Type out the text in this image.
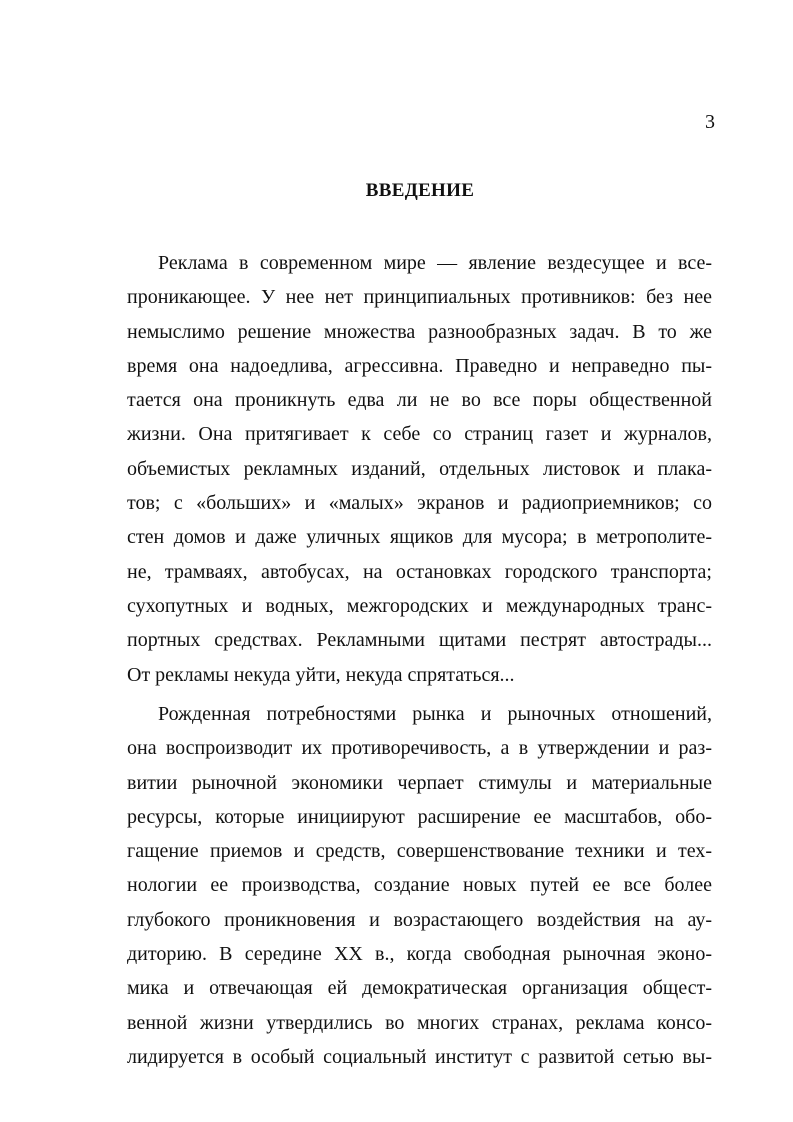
3
ВВЕДЕНИЕ
Реклама в современном мире — явление вездесущее и все-
проникающее. У нее нет принципиальных противников: без нее
немыслимо решение множества разнообразных задач. В то же
время она надоедлива, агрессивна. Праведно и неправедно пы-
тается она проникнуть едва ли не во все поры общественной
жизни. Она притягивает к себе со страниц газет и журналов,
объемистых рекламных изданий, отдельных листовок и плака-
тов; с «больших» и «малых» экранов и радиоприемников; со
стен домов и даже уличных ящиков для мусора; в метрополите-
не, трамваях, автобусах, на остановках городского транспорта;
сухопутных и водных, межгородских и международных транс-
портных средствах. Рекламными щитами пестрят автострады...
От рекламы некуда уйти, некуда спрятаться...
Рожденная потребностями рынка и рыночных отношений,
она воспроизводит их противоречивость, а в утверждении и раз-
витии рыночной экономики черпает стимулы и материальные
ресурсы, которые инициируют расширение ее масштабов, обо-
гащение приемов и средств, совершенствование техники и тех-
нологии ее производства, создание новых путей ее все более
глубокого проникновения и возрастающего воздействия на ау-
диторию. В середине XX в., когда свободная рыночная эконо-
мика и отвечающая ей демократическая организация общест-
венной жизни утвердились во многих странах, реклама консо-
лидируется в особый социальный институт с развитой сетью вы-
